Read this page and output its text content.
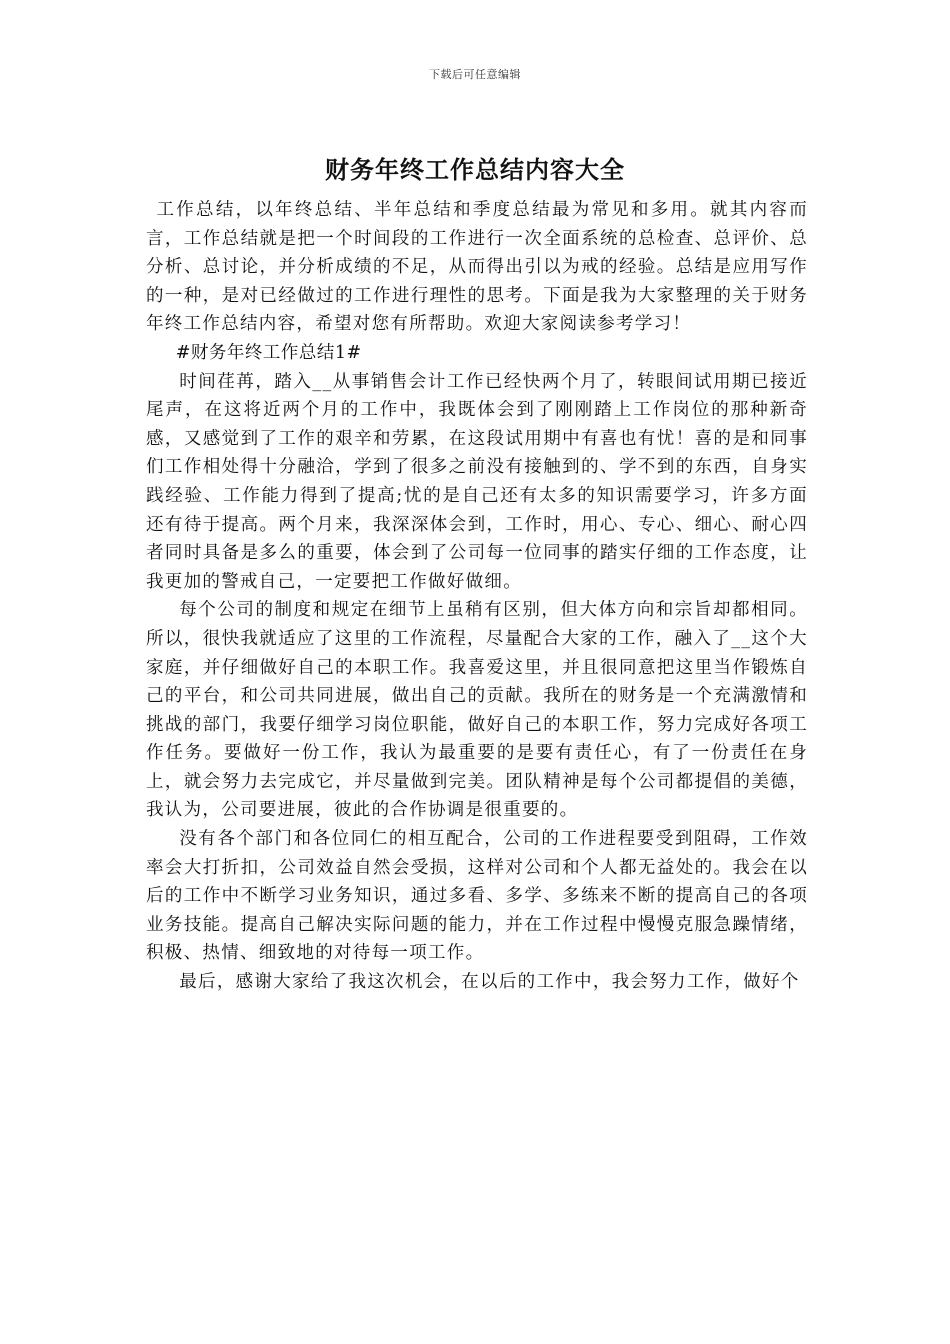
下载后可任意编辑
财务年终工作总结内容大全

工作总结，以年终总结、半年总结和季度总结最为常见和多用。就其内容而言，工作总结就是把一个时间段的工作进行一次全面系统的总检查、总评价、总分析、总讨论，并分析成绩的不足，从而得出引以为戒的经验。总结是应用写作的一种，是对已经做过的工作进行理性的思考。下面是我为大家整理的关于财务年终工作总结内容，希望对您有所帮助。欢迎大家阅读参考学习！

#财务年终工作总结1#

时间荏苒，踏入__从事销售会计工作已经快两个月了，转眼间试用期已接近尾声，在这将近两个月的工作中，我既体会到了刚刚踏上工作岗位的那种新奇感，又感觉到了工作的艰辛和劳累，在这段试用期中有喜也有忧！喜的是和同事们工作相处得十分融洽，学到了很多之前没有接触到的、学不到的东西，自身实践经验、工作能力得到了提高;忧的是自己还有太多的知识需要学习，许多方面还有待于提高。两个月来，我深深体会到，工作时，用心、专心、细心、耐心四者同时具备是多么的重要，体会到了公司每一位同事的踏实仔细的工作态度，让我更加的警戒自己，一定要把工作做好做细。

每个公司的制度和规定在细节上虽稍有区别，但大体方向和宗旨却都相同。所以，很快我就适应了这里的工作流程，尽量配合大家的工作，融入了__这个大家庭，并仔细做好自己的本职工作。我喜爱这里，并且很同意把这里当作锻炼自己的平台，和公司共同进展，做出自己的贡献。我所在的财务是一个充满激情和挑战的部门，我要仔细学习岗位职能，做好自己的本职工作，努力完成好各项工作任务。要做好一份工作，我认为最重要的是要有责任心，有了一份责任在身上，就会努力去完成它，并尽量做到完美。团队精神是每个公司都提倡的美德，我认为，公司要进展，彼此的合作协调是很重要的。

没有各个部门和各位同仁的相互配合，公司的工作进程要受到阻碍，工作效率会大打折扣，公司效益自然会受损，这样对公司和个人都无益处的。我会在以后的工作中不断学习业务知识，通过多看、多学、多练来不断的提高自己的各项业务技能。提高自己解决实际问题的能力，并在工作过程中慢慢克服急躁情绪，积极、热情、细致地的对待每一项工作。

最后，感谢大家给了我这次机会，在以后的工作中，我会努力工作，做好个
